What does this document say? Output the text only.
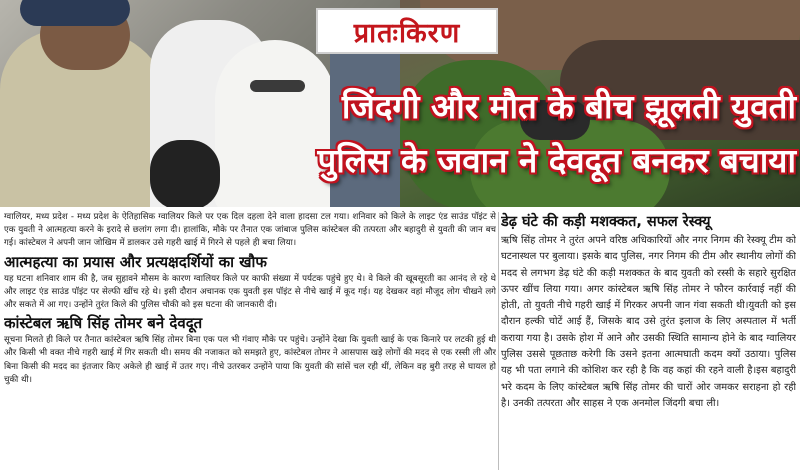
प्रातःकिरण
जिंदगी और मौत के बीच झूलती युवती
पुलिस के जवान ने देवदूत बनकर बचाया

ग्वालियर, मध्य प्रदेश - मध्य प्रदेश के ऐतिहासिक ग्वालियर किले पर एक दिल दहला देने वाला हादसा टल गया। शनिवार को किले के लाइट एंड साउंड पॉइंट से एक युवती ने आत्महत्या करने के इरादे से छलांग लगा दी। हालांकि, मौके पर तैनात एक जांबाज पुलिस कांस्टेबल की तत्परता और बहादुरी से युवती की जान बच गई। कांस्टेबल ने अपनी जान जोखिम में डालकर उसे गहरी खाई में गिरने से पहले ही बचा लिया।

आत्महत्या का प्रयास और प्रत्यक्षदर्शियों का खौफ

यह घटना शनिवार शाम की है, जब सुहावने मौसम के कारण ग्वालियर किले पर काफी संख्या में पर्यटक पहुंचे हुए थे। वे किले की खूबसूरती का आनंद ले रहे थे और लाइट एंड साउंड पॉइंट पर सेल्फी खींच रहे थे। इसी दौरान अचानक एक युवती इस पॉइंट से नीचे खाई में कूद गई। यह देखकर वहां मौजूद लोग चीखने लगे और सकते में आ गए। उन्होंने तुरंत किले की पुलिस चौकी को इस घटना की जानकारी दी।

कांस्टेबल ऋषि सिंह तोमर बने देवदूत

सूचना मिलते ही किले पर तैनात कांस्टेबल ऋषि सिंह तोमर बिना एक पल भी गंवाए मौके पर पहुंचे। उन्होंने देखा कि युवती खाई के एक किनारे पर लटकी हुई थी और किसी भी वक्त नीचे गहरी खाई में गिर सकती थी। समय की नजाकत को समझते हुए, कांस्टेबल तोमर ने आसपास खड़े लोगों की मदद से एक रस्सी ली और बिना किसी की मदद का इंतजार किए अकेले ही खाई में उतर गए। नीचे उतरकर उन्होंने पाया कि युवती की सांसें चल रही थीं, लेकिन वह बुरी तरह से घायल हो चुकी थी।

डेढ़ घंटे की कड़ी मशक्कत, सफल रेस्क्यू

ऋषि सिंह तोमर ने तुरंत अपने वरिष्ठ अधिकारियों और नगर निगम की रेस्क्यू टीम को घटनास्थल पर बुलाया। इसके बाद पुलिस, नगर निगम की टीम और स्थानीय लोगों की मदद से लगभग डेढ़ घंटे की कड़ी मशक्कत के बाद युवती को रस्सी के सहारे सुरक्षित ऊपर खींच लिया गया। अगर कांस्टेबल ऋषि सिंह तोमर ने फौरन कार्रवाई नहीं की होती, तो युवती नीचे गहरी खाई में गिरकर अपनी जान गंवा सकती थी।युवती को इस दौरान हल्की चोटें आई हैं, जिसके बाद उसे तुरंत इलाज के लिए अस्पताल में भर्ती कराया गया है। उसके होश में आने और उसकी स्थिति सामान्य होने के बाद ग्वालियर पुलिस उससे पूछताछ करेगी कि उसने इतना आत्मघाती कदम क्यों उठाया। पुलिस यह भी पता लगाने की कोशिश कर रही है कि वह कहां की रहने वाली है।इस बहादुरी भरे कदम के लिए कांस्टेबल ऋषि सिंह तोमर की चारों ओर जमकर सराहना हो रही है। उनकी तत्परता और साहस ने एक अनमोल जिंदगी बचा ली।
